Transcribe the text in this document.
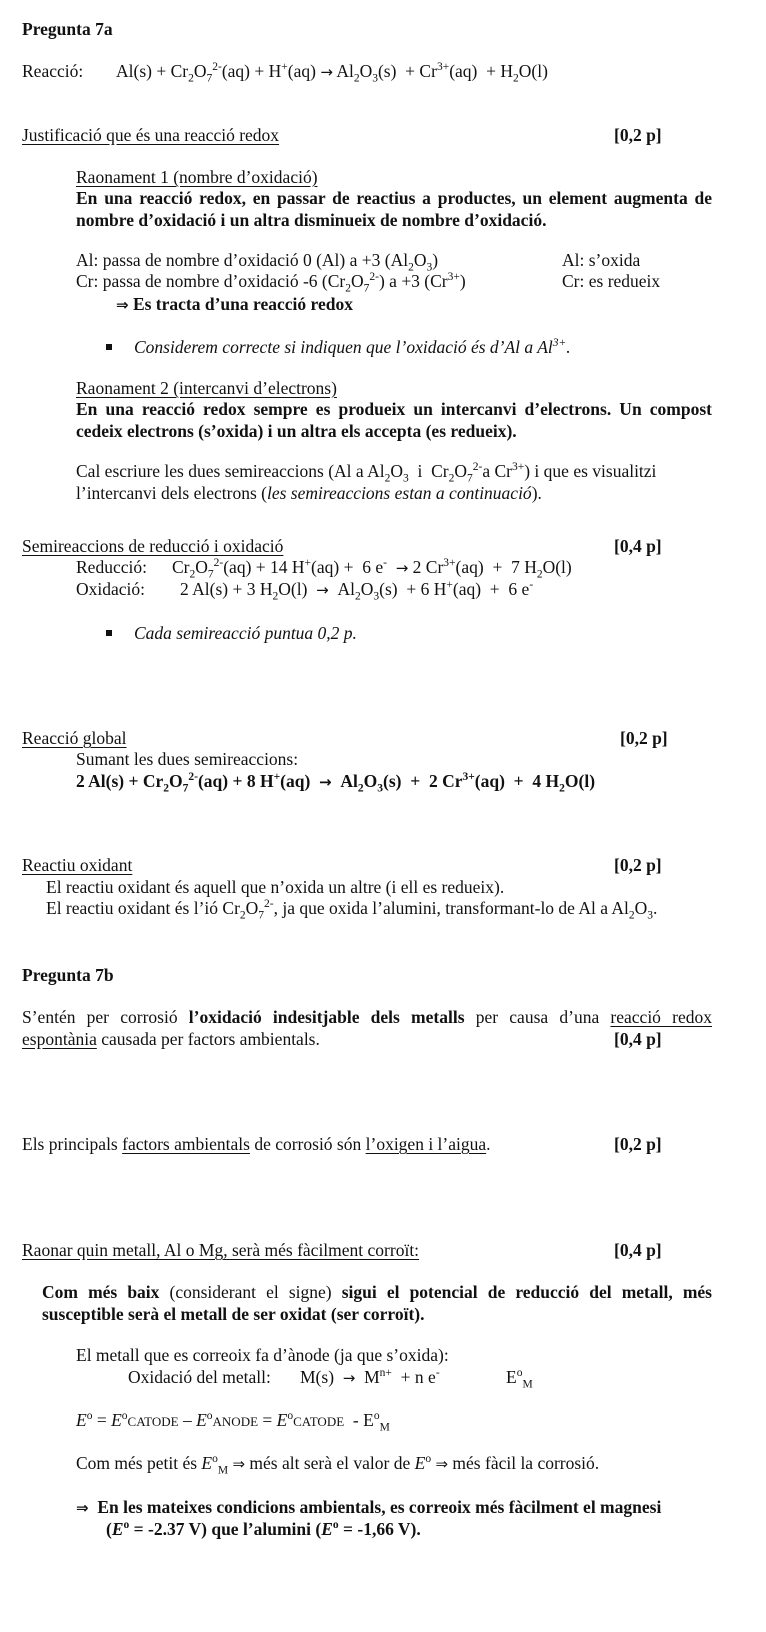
Pregunta 7a
Reacció: $Al(s) + Cr_2O_7^{2-}(aq) + H^+(aq) \to Al_2O_3(s) + Cr^{3+}(aq) + H_2O(l)$
Justificació que és una reacció redox	[0,2 p]
Raonament 1 (nombre d’oxidació)
En una reacció redox, en passar de reactius a productes, un element augmenta de nombre d’oxidació i un altra disminueix de nombre d’oxidació.
Al: passa de nombre d’oxidació 0 (Al) a +3 $(Al_2O_3)$	Al: s’oxida
Cr: passa de nombre d’oxidació -6 $(Cr_2O_7^{2-})$ a +3 $(Cr^{3+})$	Cr: es redueix
⇒ Es tracta d’una reacció redox
Considerem correcte si indiquen que l’oxidació és d’Al a $Al^{3+}$.
Raonament 2 (intercanvi d’electrons)
En una reacció redox sempre es produeix un intercanvi d’electrons. Un compost cedeix electrons (s’oxida) i un altra els accepta (es redueix).
Cal escriure les dues semireaccions (Al a $Al_2O_3$  i  $Cr_2O_7^{2-}a$ $Cr^{3+}$) i que es visualitzi
l’intercanvi dels electrons (les semireaccions estan a continuació).
Semireaccions de reducció i oxidació	[0,4 p]
Reducció: $Cr_2O_7^{2-}(aq) + 14$ H+(aq) +  6 e- → 2 $Cr^{3+}(aq) + 7$ $H_2O(l)$
Oxidació: 2 Al(s) + 3 $H_2O(l) \to Al_2O_3(s) + 6$ H+(aq)  +  6 e-
Cada semireacció puntua 0,2 p.
Reacció global	[0,2 p]
Sumant les dues semireaccions:
2 $Al(s) + Cr_2O_7^{2-}(aq) + 8$ $H^+(aq) \to Al_2O_3(s) + 2$ $Cr^{3+}(aq) + 4$ $H_2O(l)$
Reactiu oxidant	[0,2 p]
El reactiu oxidant és aquell que n’oxida un altre (i ell es redueix).
El reactiu oxidant és l’ió $Cr_2O_7^{2-}$, ja que oxida l’alumini, transformant-lo de Al a $Al_2O_3$.
Pregunta 7b
S’entén per corrosió l’oxidació indesitjable dels metalls per causa d’una reacció redox espontània causada per factors ambientals.	[0,4 p]
Els principals factors ambientals de corrosió són l’oxigen i l’aigua.	[0,2 p]
Raonar quin metall, Al o Mg, serà més fàcilment corroït:	[0,4 p]
Com més baix (considerant el signe) sigui el potencial de reducció del metall, més susceptible serà el metall de ser oxidat (ser corroït).
El metall que es correoix fa d’ànode (ja que s’oxida):
Oxidació del metall: $M(s) \to M^{n+} + n$ e-	$E^o_M$
$E^o$ = $E^oCATODE$ – $E^oANODE$ = $E^oCATODE - E^o_M$
Com més petit és $E^o_M$ ⇒ més alt serà el valor de $E^o$ ⇒ més fàcil la corrosió.
⇒ En les mateixes condicions ambientals, es correoix més fàcilment el magnesi
($E^o = -2.37$ V) que l’alumini ($E^o = -1,66$ V).
